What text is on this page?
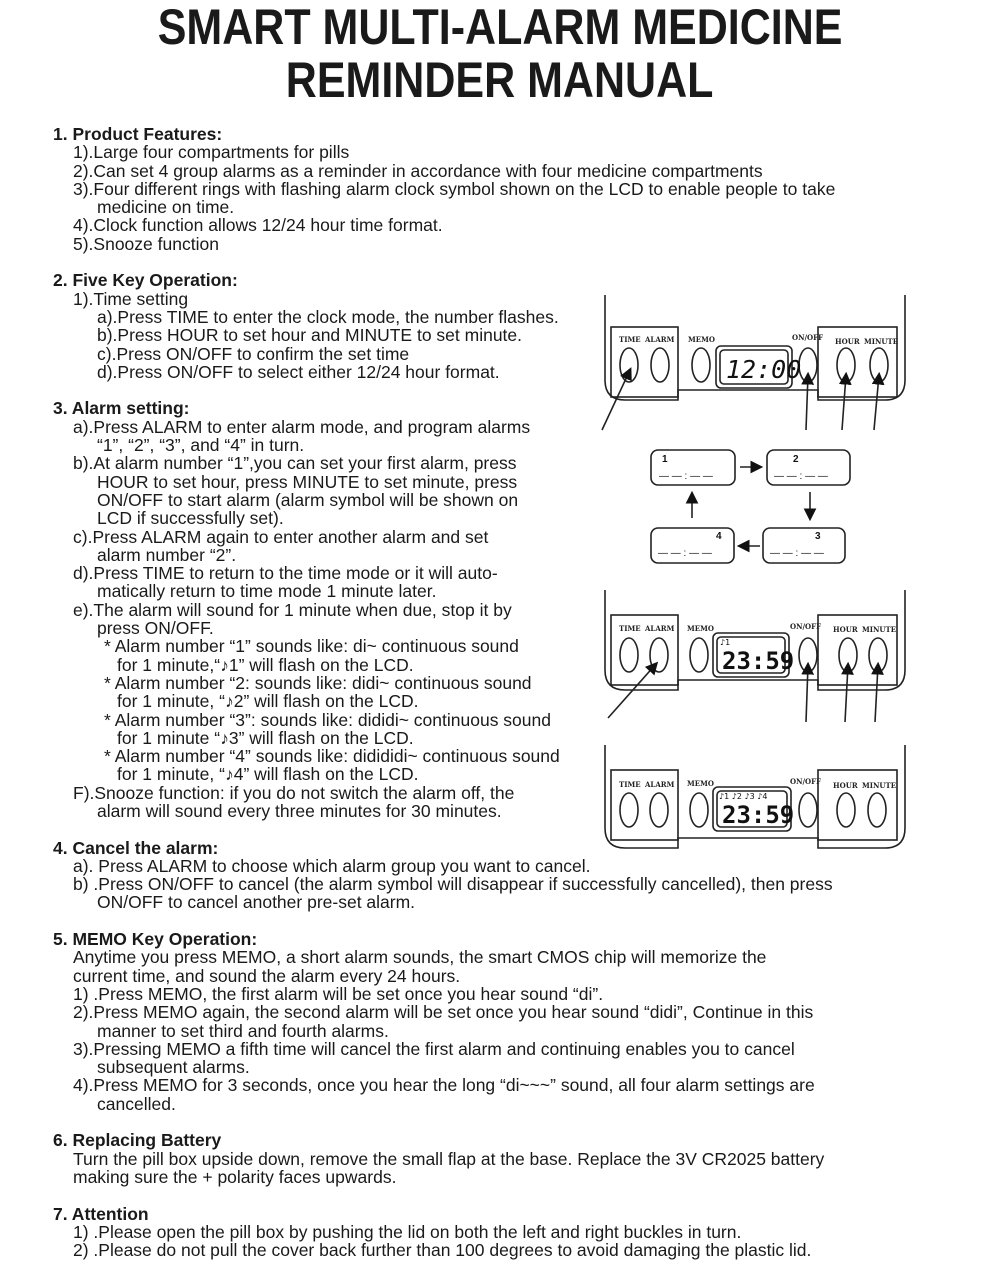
SMART MULTI-ALARM MEDICINE
REMINDER MANUAL
1. Product Features:
1).Large four compartments for pills
2).Can set 4 group alarms as a reminder in accordance with four medicine compartments
3).Four different rings with flashing alarm clock symbol shown on the LCD to enable people to take
medicine on time.
4).Clock function allows 12/24 hour time format.
5).Snooze function
2. Five Key Operation:
1).Time setting
a).Press TIME to enter the clock mode, the number flashes.
b).Press HOUR to set hour and MINUTE to set minute.
c).Press ON/OFF to confirm the set time
d).Press ON/OFF to select either 12/24 hour format.
3. Alarm setting:
a).Press ALARM to enter alarm mode, and program alarms
“1”, “2”, “3”, and “4” in turn.
b).At alarm number “1”,you can set your first alarm, press
HOUR to set hour, press MINUTE to set minute, press
ON/OFF to start alarm (alarm symbol will be shown on
LCD if successfully set).
c).Press ALARM again to enter another alarm and set
alarm number “2”.
d).Press TIME to return to the time mode or it will auto-
matically return to time mode 1 minute later.
e).The alarm will sound for 1 minute when due, stop it by
press ON/OFF.
* Alarm number “1” sounds like: di~ continuous sound
for 1 minute,“♪1” will flash on the LCD.
* Alarm number “2: sounds like: didi~ continuous sound
for 1 minute, “♪2” will flash on the LCD.
* Alarm number “3”: sounds like: dididi~ continuous sound
for 1 minute “♪3” will flash on the LCD.
* Alarm number “4” sounds like: didididi~ continuous sound
for 1 minute, “♪4” will flash on the LCD.
F).Snooze function: if you do not switch the alarm off, the
alarm will sound every three minutes for 30 minutes.
4. Cancel the alarm:
a). Press ALARM to choose which alarm group you want to cancel.
b) .Press ON/OFF to cancel (the alarm symbol will disappear if successfully cancelled), then press
ON/OFF to cancel another pre-set alarm.
5. MEMO Key Operation:
Anytime you press MEMO, a short alarm sounds, the smart CMOS chip will memorize the
current time, and sound the alarm every 24 hours.
1) .Press MEMO, the first alarm will be set once you hear sound “di”.
2).Press MEMO again, the second alarm will be set once you hear sound “didi”, Continue in this
manner to set third and fourth alarms.
3).Pressing MEMO a fifth time will cancel the first alarm and continuing enables you to cancel
subsequent alarms.
4).Press MEMO for 3 seconds, once you hear the long “di~~~” sound, all four alarm settings are
cancelled.
6. Replacing Battery
Turn the pill box upside down, remove the small flap at the base. Replace the 3V CR2025 battery
making sure the + polarity faces upwards.
7. Attention
1) .Please open the pill box by pushing the lid on both the left and right buckles in turn.
2) .Please do not pull the cover back further than 100 degrees to avoid damaging the plastic lid.
TIME ALARM MEMO	ON/OFF HOUR MINUTE
TIME ALARM MEMO	ON/OFF HOUR MINUTE
TIME ALARM MEMO	ON/OFF HOUR MINUTE
12:00
♪1
23:59
♪1 ♪2 ♪3 ♪4
23:59
1	2
3
4
— — : — —	— — : — —
— — : — —
— — : — —
